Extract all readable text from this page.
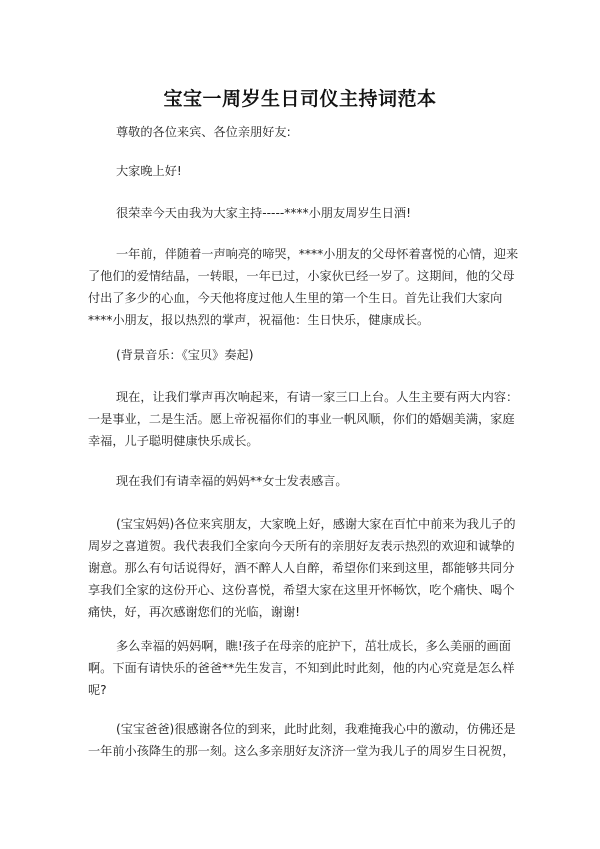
宝宝一周岁生日司仪主持词范本
尊敬的各位来宾、各位亲朋好友:
大家晚上好!
很荣幸今天由我为大家主持-----****小朋友周岁生日酒!
一年前，伴随着一声响亮的啼哭，****小朋友的父母怀着喜悦的心情，迎来
了他们的爱情结晶，一转眼，一年已过，小家伙已经一岁了。这期间，他的父母
付出了多少的心血，今天他将度过他人生里的第一个生日。首先让我们大家向
****小朋友，报以热烈的掌声，祝福他：生日快乐，健康成长。
(背景音乐：《宝贝》奏起)
现在，让我们掌声再次响起来，有请一家三口上台。人生主要有两大内容：
一是事业，二是生活。愿上帝祝福你们的事业一帆风顺，你们的婚姻美满，家庭
幸福，儿子聪明健康快乐成长。
现在我们有请幸福的妈妈**女士发表感言。
(宝宝妈妈)各位来宾朋友，大家晚上好，感谢大家在百忙中前来为我儿子的
周岁之喜道贺。我代表我们全家向今天所有的亲朋好友表示热烈的欢迎和诚挚的
谢意。那么有句话说得好，酒不醉人人自醉，希望你们来到这里，都能够共同分
享我们全家的这份开心、这份喜悦，希望大家在这里开怀畅饮，吃个痛快、喝个
痛快，好，再次感谢您们的光临，谢谢!
多么幸福的妈妈啊，瞧!孩子在母亲的庇护下，茁壮成长，多么美丽的画面
啊。下面有请快乐的爸爸**先生发言，不知到此时此刻，他的内心究竟是怎么样
呢?
(宝宝爸爸)很感谢各位的到来，此时此刻，我难掩我心中的激动，仿佛还是
一年前小孩降生的那一刻。这么多亲朋好友济济一堂为我儿子的周岁生日祝贺，
